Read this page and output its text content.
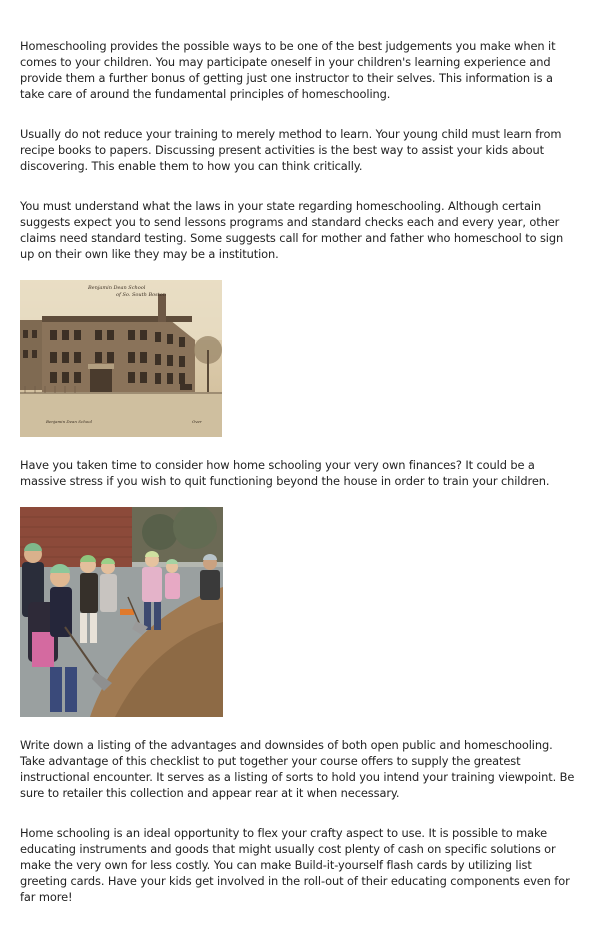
Homeschooling provides the possible ways to be one of the best judgements you make when it comes to your children. You may participate oneself in your children's learning experience and provide them a further bonus of getting just one instructor to their selves. This information is a take care of around the fundamental principles of homeschooling.

Usually do not reduce your training to merely method to learn. Your young child must learn from recipe books to papers. Discussing present activities is the best way to assist your kids about discovering. This enable them to how you can think critically.

You must understand what the laws in your state regarding homeschooling. Although certain suggests expect you to send lessons programs and standard checks each and every year, other claims need standard testing. Some suggests call for mother and father who homeschool to sign up on their own like they may be a institution.

Benjamin Dean School
of So. South Boston
Benjamin Dean School	Over

Have you taken time to consider how home schooling your very own finances? It could be a massive stress if you wish to quit functioning beyond the house in order to train your children.

Write down a listing of the advantages and downsides of both open public and homeschooling. Take advantage of this checklist to put together your course offers to supply the greatest instructional encounter. It serves as a listing of sorts to hold you intend your training viewpoint. Be sure to retailer this collection and appear rear at it when necessary.

Home schooling is an ideal opportunity to flex your crafty aspect to use. It is possible to make educating instruments and goods that might usually cost plenty of cash on specific solutions or make the very own for less costly. You can make Build-it-yourself flash cards by utilizing list greeting cards. Have your kids get involved in the roll-out of their educating components even for far more!
